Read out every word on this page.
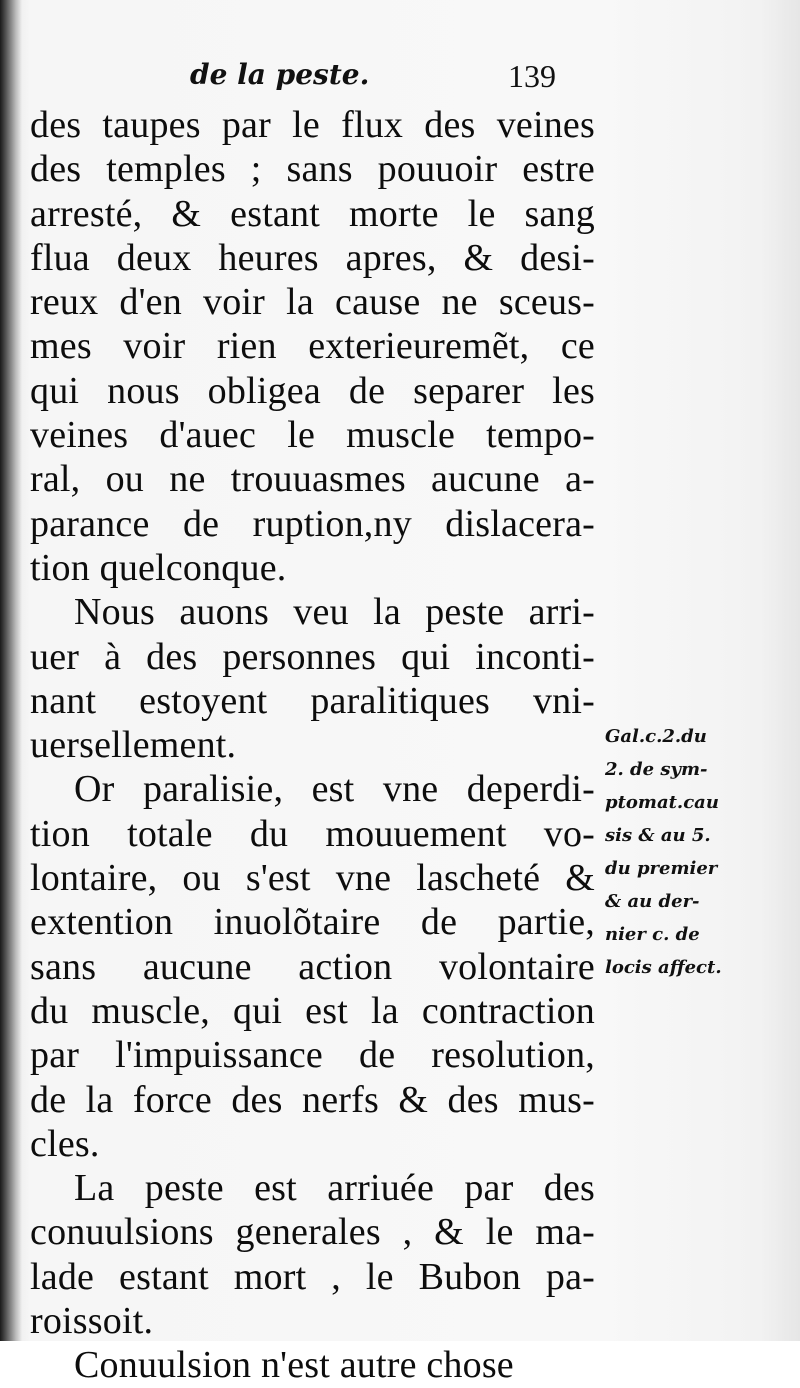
de la peste.	139
des taupes par le flux des veines
des temples ; sans pouuoir estre
arresté, & estant morte le sang
flua deux heures apres, & desi-
reux d'en voir la cause ne sceus-
mes voir rien exterieuremẽt, ce
qui nous obligea de separer les
veines d'auec le muscle tempo-
ral, ou ne trouuasmes aucune a-
parance de ruption,ny dislacera-
tion quelconque.
Nous auons veu la peste arri-
uer à des personnes qui inconti-
nant estoyent paralitiques vni-
uersellement.
Or paralisie, est vne deperdi-
tion totale du mouuement vo-
lontaire, ou s'est vne lascheté &
extention inuolõtaire de partie,
sans aucune action volontaire
du muscle, qui est la contraction
par l'impuissance de resolution,
de la force des nerfs & des mus-
cles.
La peste est arriuée par des
conuulsions generales , & le ma-
lade estant mort , le Bubon pa-
roissoit.
Conuulsion n'est autre chose
Gal.c.2.du
2. de sym-
ptomat.cau
sis & au 5.
du premier
& au der-
nier c. de
locis affect.
